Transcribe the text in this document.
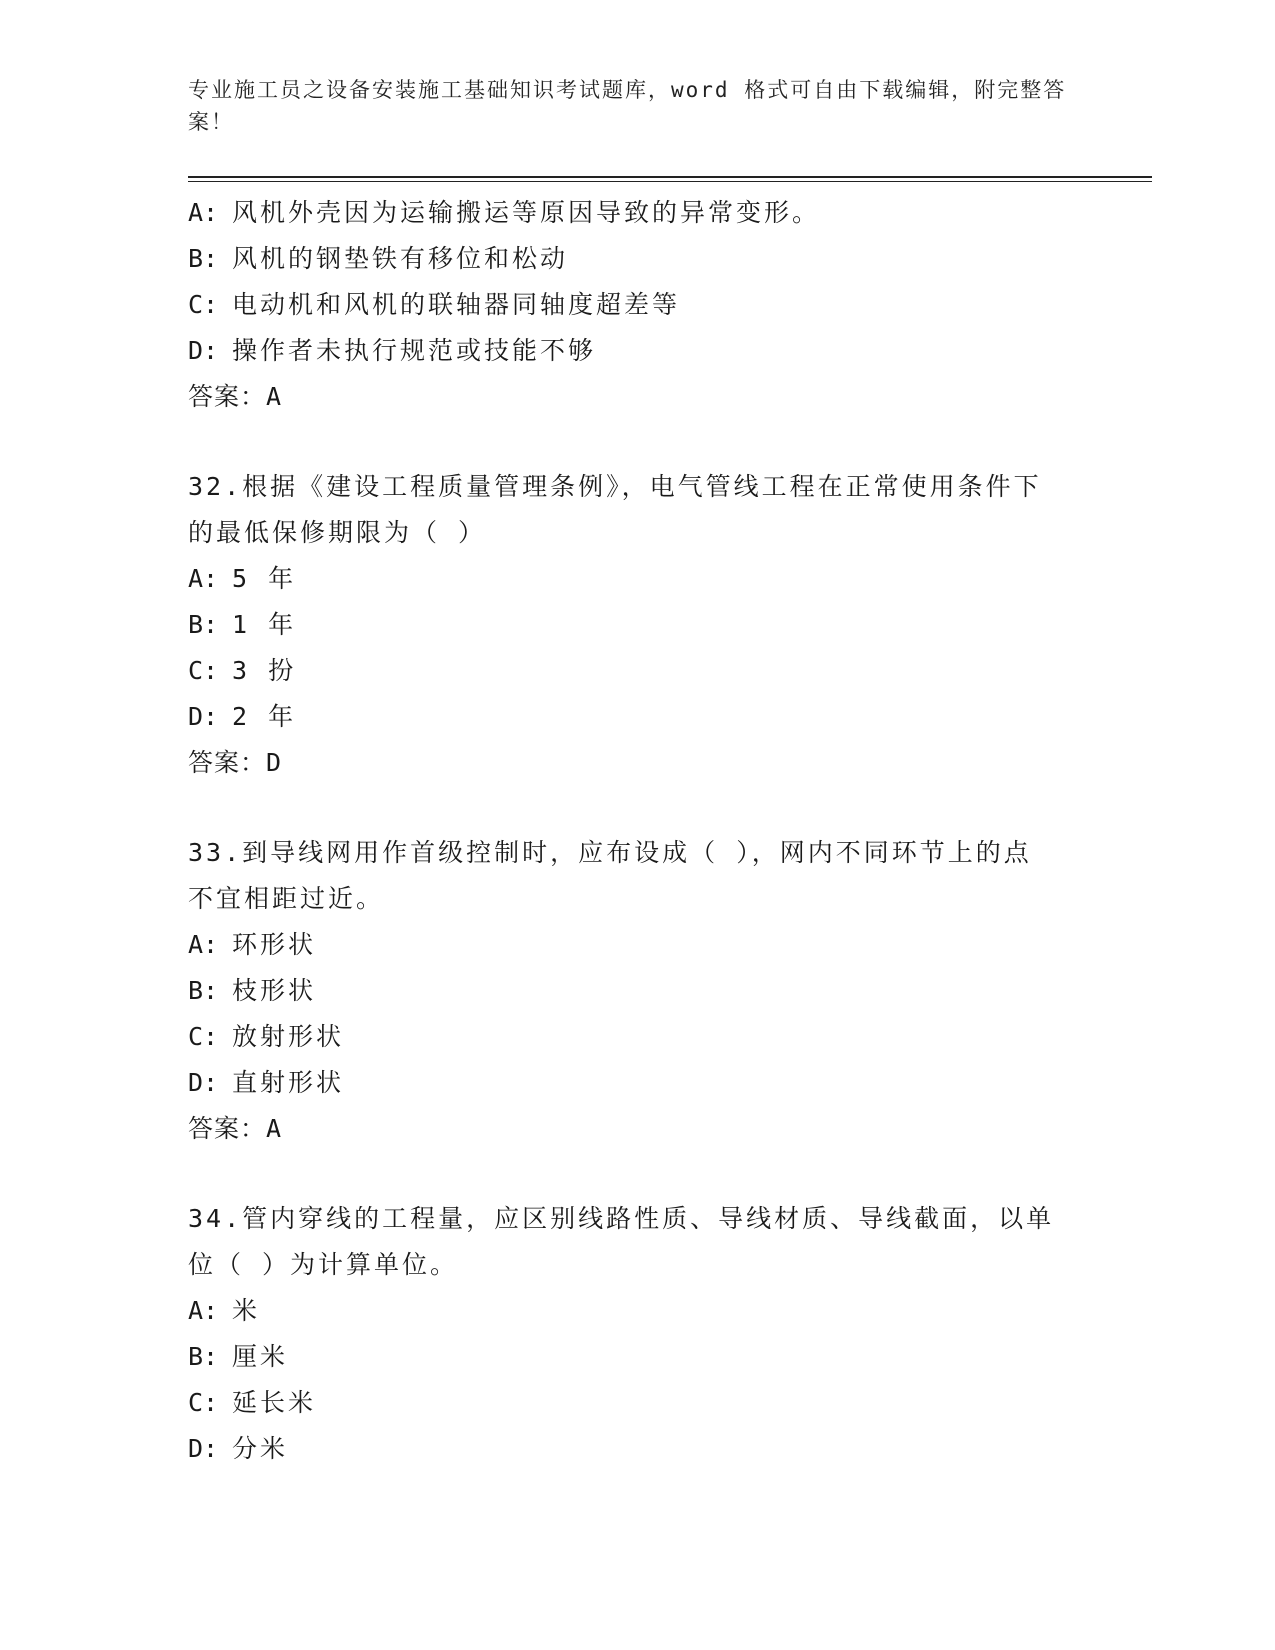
专业施工员之设备安装施工基础知识考试题库，word 格式可自由下载编辑，附完整答案！
A: 风机外壳因为运输搬运等原因导致的异常变形。
B: 风机的钢垫铁有移位和松动
C: 电动机和风机的联轴器同轴度超差等
D: 操作者未执行规范或技能不够
答案：A
32.根据《建设工程质量管理条例》，电气管线工程在正常使用条件下
的最低保修期限为（ ）
A: 5 年
B: 1 年
C: 3 扮
D: 2 年
答案：D
33.到导线网用作首级控制时，应布设成（ ），网内不同环节上的点
不宜相距过近。
A: 环形状
B: 枝形状
C: 放射形状
D: 直射形状
答案：A
34.管内穿线的工程量，应区别线路性质、导线材质、导线截面，以单
位（ ）为计算单位。
A: 米
B: 厘米
C: 延长米
D: 分米
